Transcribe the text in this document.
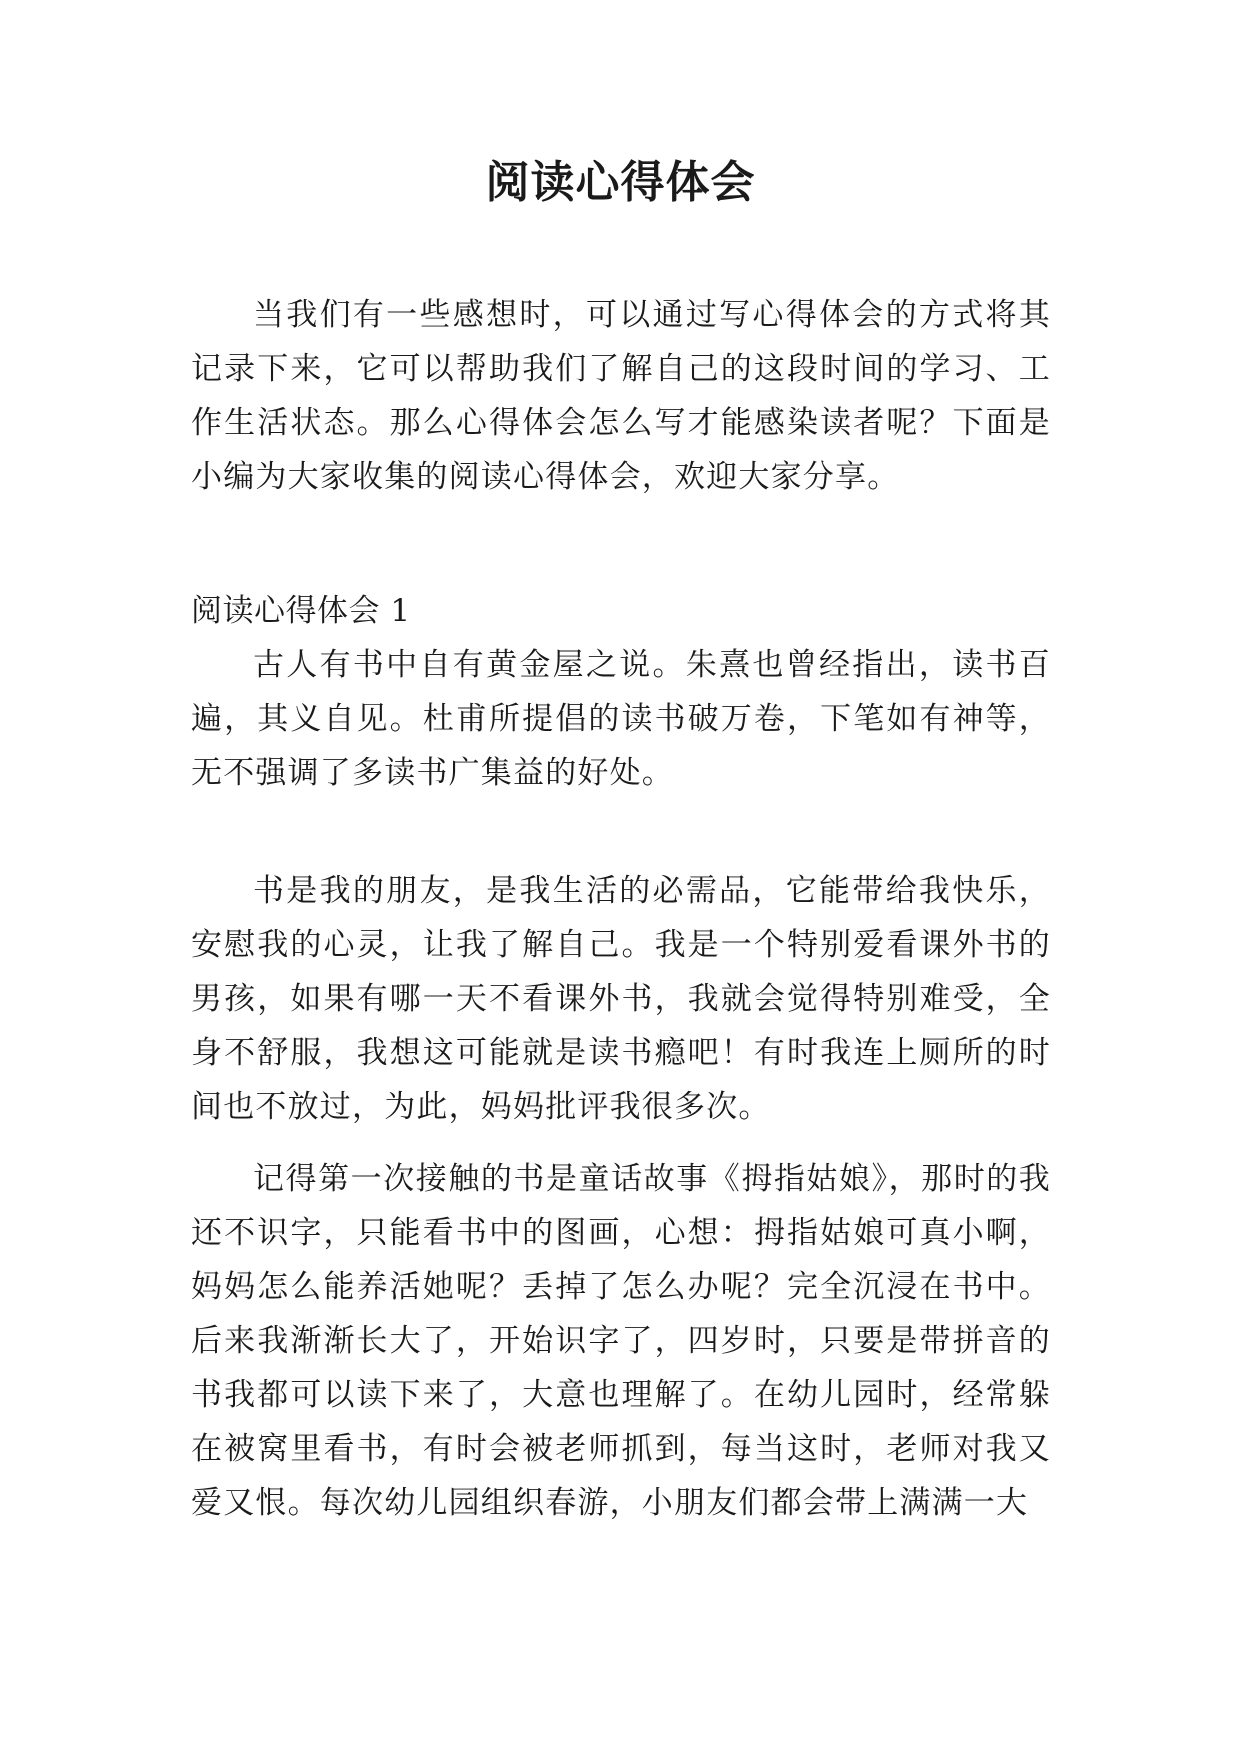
阅读心得体会

当我们有一些感想时，可以通过写心得体会的方式将其记录下来，它可以帮助我们了解自己的这段时间的学习、工作生活状态。那么心得体会怎么写才能感染读者呢？下面是小编为大家收集的阅读心得体会，欢迎大家分享。

阅读心得体会 1

古人有书中自有黄金屋之说。朱熹也曾经指出，读书百遍，其义自见。杜甫所提倡的读书破万卷，下笔如有神等，无不强调了多读书广集益的好处。

书是我的朋友，是我生活的必需品，它能带给我快乐，安慰我的心灵，让我了解自己。我是一个特别爱看课外书的男孩，如果有哪一天不看课外书，我就会觉得特别难受，全身不舒服，我想这可能就是读书瘾吧！有时我连上厕所的时间也不放过，为此，妈妈批评我很多次。

记得第一次接触的书是童话故事《拇指姑娘》，那时的我还不识字，只能看书中的图画，心想：拇指姑娘可真小啊，妈妈怎么能养活她呢？丢掉了怎么办呢？完全沉浸在书中。后来我渐渐长大了，开始识字了，四岁时，只要是带拼音的书我都可以读下来了，大意也理解了。在幼儿园时，经常躲在被窝里看书，有时会被老师抓到，每当这时，老师对我又爱又恨。每次幼儿园组织春游，小朋友们都会带上满满一大
